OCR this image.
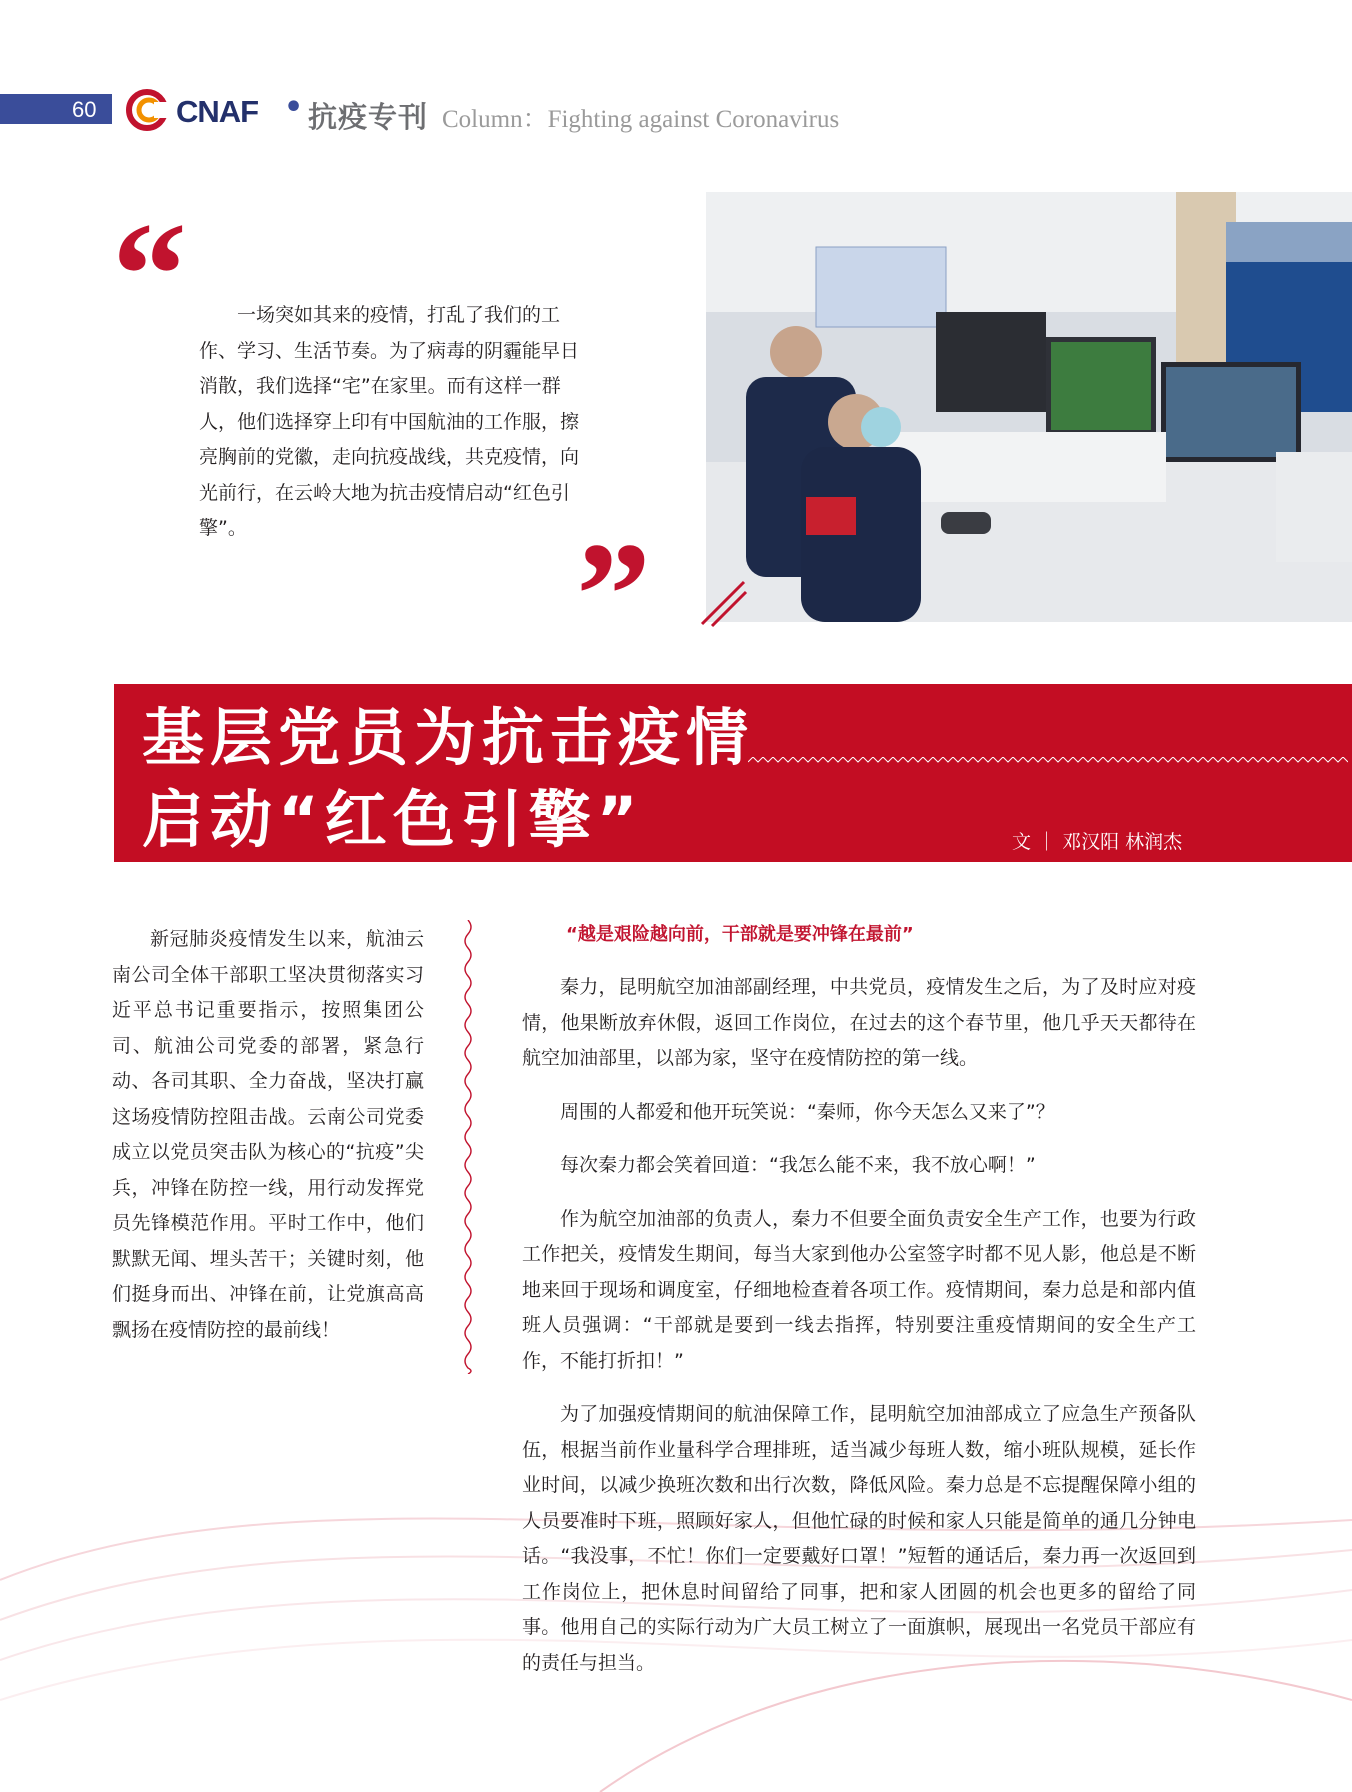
60	CNAF • 抗疫专刊 Column：Fighting against Coronavirus
“
”
一场突如其来的疫情，打乱了我们的工作、学习、生活节奏。为了病毒的阴霾能早日消散，我们选择“宅”在家里。而有这样一群人，他们选择穿上印有中国航油的工作服，擦亮胸前的党徽，走向抗疫战线，共克疫情，向光前行，在云岭大地为抗击疫情启动“红色引擎”。
基层党员为抗击疫情
启动“红色引擎”	文 ｜ 邓汉阳 林润杰
新冠肺炎疫情发生以来，航油云南公司全体干部职工坚决贯彻落实习近平总书记重要指示，按照集团公司、航油公司党委的部署，紧急行动、各司其职、全力奋战，坚决打赢这场疫情防控阻击战。云南公司党委成立以党员突击队为核心的“抗疫”尖兵，冲锋在防控一线，用行动发挥党员先锋模范作用。平时工作中，他们默默无闻、埋头苦干；关键时刻，他们挺身而出、冲锋在前，让党旗高高飘扬在疫情防控的最前线！
“越是艰险越向前，干部就是要冲锋在最前”

秦力，昆明航空加油部副经理，中共党员，疫情发生之后，为了及时应对疫情，他果断放弃休假，返回工作岗位，在过去的这个春节里，他几乎天天都待在航空加油部里，以部为家，坚守在疫情防控的第一线。

周围的人都爱和他开玩笑说：“秦师，你今天怎么又来了”？

每次秦力都会笑着回道：“我怎么能不来，我不放心啊！”

作为航空加油部的负责人，秦力不但要全面负责安全生产工作，也要为行政工作把关，疫情发生期间，每当大家到他办公室签字时都不见人影，他总是不断地来回于现场和调度室，仔细地检查着各项工作。疫情期间，秦力总是和部内值班人员强调：“干部就是要到一线去指挥，特别要注重疫情期间的安全生产工作，不能打折扣！”

为了加强疫情期间的航油保障工作，昆明航空加油部成立了应急生产预备队伍，根据当前作业量科学合理排班，适当减少每班人数，缩小班队规模，延长作业时间，以减少换班次数和出行次数，降低风险。秦力总是不忘提醒保障小组的人员要准时下班，照顾好家人，但他忙碌的时候和家人只能是简单的通几分钟电话。“我没事，不忙！你们一定要戴好口罩！”短暂的通话后，秦力再一次返回到工作岗位上，把休息时间留给了同事，把和家人团圆的机会也更多的留给了同事。他用自己的实际行动为广大员工树立了一面旗帜，展现出一名党员干部应有的责任与担当。
